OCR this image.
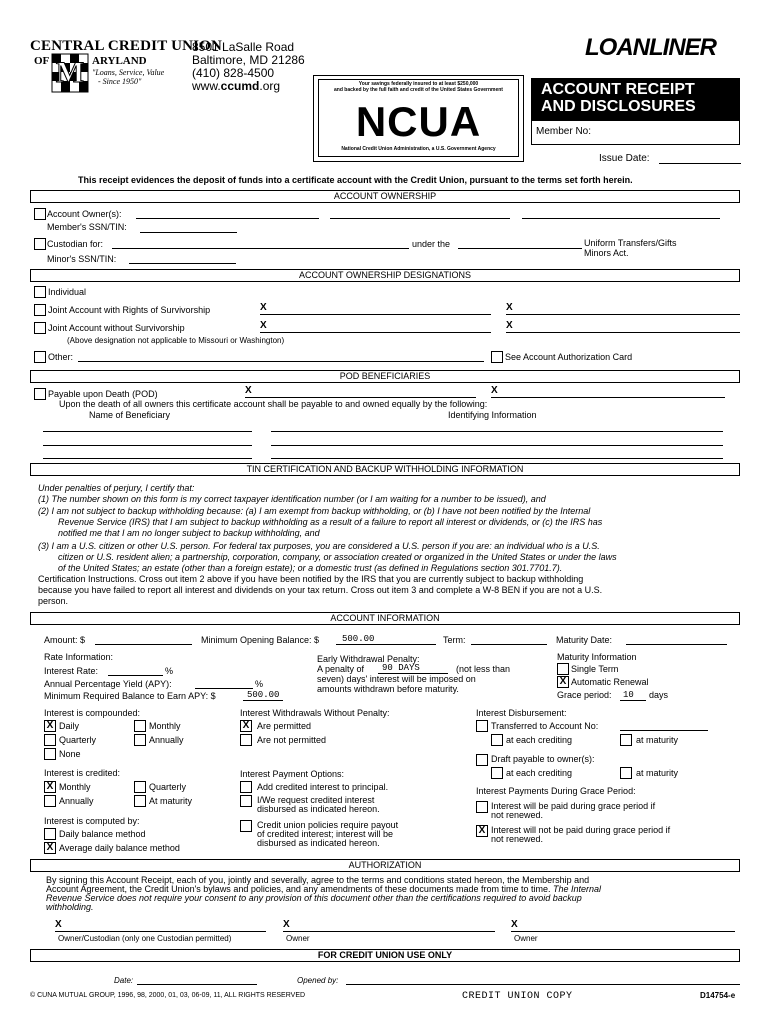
CENTRAL CREDIT UNION
OF M ARYLAND
"Loans, Service, Value
- Since 1950"
8501 LaSalle Road
Baltimore, MD 21286
(410) 828-4500
www.ccumd.org	Your savings federally insured to at least $250,000
and backed by the full faith and credit of the United States Government
NCUA
National Credit Union Administration, a U.S. Government Agency
LOANLINER
ACCOUNT RECEIPT
AND DISCLOSURES
Member No:
Issue Date:
This receipt evidences the deposit of funds into a certificate account with the Credit Union, pursuant to the terms set forth herein.
ACCOUNT OWNERSHIP
Account Owner(s):
Member's SSN/TIN:
Custodian for:	under the	Uniform Transfers/Gifts
Minors Act.
Minor's SSN/TIN:
ACCOUNT OWNERSHIP DESIGNATIONS
Individual
Joint Account with Rights of Survivorship	X	X
Joint Account without Survivorship	X	X
(Above designation not applicable to Missouri or Washington)
Other:	See Account Authorization Card
POD BENEFICIARIES
Payable upon Death (POD)	X	X
Upon the death of all owners this certificate account shall be payable to and owned equally by the following:
Name of Beneficiary	Identifying Information
TIN CERTIFICATION AND BACKUP WITHHOLDING INFORMATION
Under penalties of perjury, I certify that:
(1) The number shown on this form is my correct taxpayer identification number (or I am waiting for a number to be issued), and
(2) I am not subject to backup withholding because: (a) I am exempt from backup withholding, or (b) I have not been notified by the Internal
Revenue Service (IRS) that I am subject to backup withholding as a result of a failure to report all interest or dividends, or (c) the IRS has
notified me that I am no longer subject to backup withholding, and
(3) I am a U.S. citizen or other U.S. person. For federal tax purposes, you are considered a U.S. person if you are: an individual who is a U.S.
citizen or U.S. resident alien; a partnership, corporation, company, or association created or organized in the United States or under the laws
of the United States; an estate (other than a foreign estate); or a domestic trust (as defined in Regulations section 301.7701.7).
Certification Instructions. Cross out item 2 above if you have been notified by the IRS that you are currently subject to backup withholding
because you have failed to report all interest and dividends on your tax return. Cross out item 3 and complete a W-8 BEN if you are not a U.S.
person.
ACCOUNT INFORMATION
Amount: $	Minimum Opening Balance: $	500.00	Term:	Maturity Date:
Rate Information:
Interest Rate:	%
Annual Percentage Yield (APY):	%
Minimum Required Balance to Earn APY: $	500.00
Early Withdrawal Penalty:
A penalty of 90 DAYS	(not less than
seven) days' interest will be imposed on
amounts withdrawn before maturity.
Maturity Information
Single Term
X Automatic Renewal
Grace period: 10 days
Interest is compounded:
X Daily	Monthly
Quarterly	Annually
None
Interest Withdrawals Without Penalty:
X Are permitted
Are not permitted
Interest Disbursement:
Transferred to Account No:
at each crediting	at maturity
Draft payable to owner(s):
at each crediting	at maturity
Interest is credited:
X Monthly	Quarterly
Annually	At maturity
Interest Payment Options:
Add credited interest to principal.
I/We request credited interest
disbursed as indicated hereon.
Credit union policies require payout
of credited interest; interest will be
disbursed as indicated hereon.
Interest Payments During Grace Period:
Interest will be paid during grace period if
not renewed.
X Interest will not be paid during grace period if
not renewed.
Interest is computed by:
Daily balance method
X Average daily balance method
AUTHORIZATION
By signing this Account Receipt, each of you, jointly and severally, agree to the terms and conditions stated hereon, the Membership and
Account Agreement, the Credit Union's bylaws and policies, and any amendments of these documents made from time to time. The Internal
Revenue Service does not require your consent to any provision of this document other than the certifications required to avoid backup
withholding.
X
Owner/Custodian (only one Custodian permitted)
X
Owner
X
Owner
FOR CREDIT UNION USE ONLY
Date:	Opened by:
© CUNA MUTUAL GROUP, 1996, 98, 2000, 01, 03, 06-09, 11, ALL RIGHTS RESERVED	CREDIT UNION COPY	D14754-e
